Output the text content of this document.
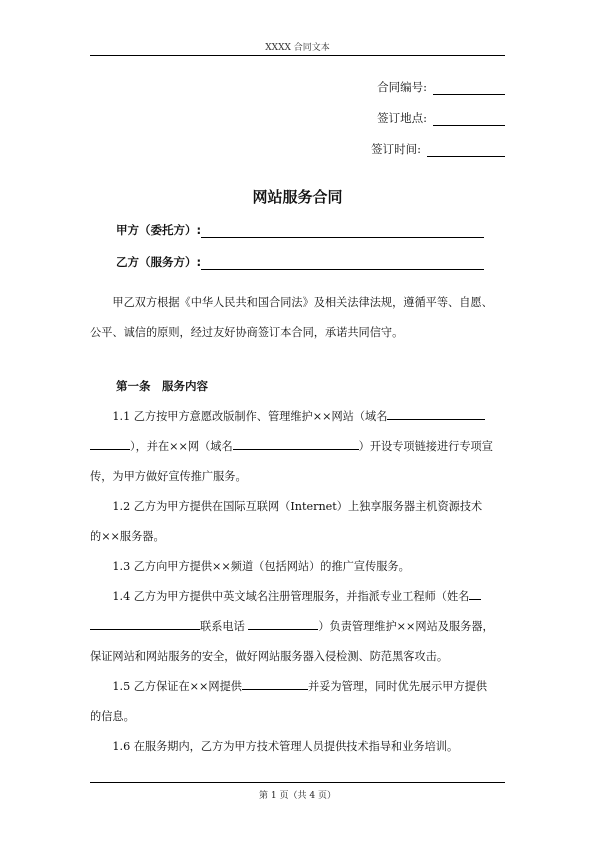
XXXX 合同文本
合同编号:
签订地点:
签订时间:
网站服务合同
甲方（委托方）:
乙方（服务方）:

甲乙双方根据《中华人民共和国合同法》及相关法律法规，遵循平等、自愿、

公平、诚信的原则，经过友好协商签订本合同，承诺共同信守。

第一条　服务内容

1.1 乙方按甲方意愿改版制作、管理维护××网站（域名
），并在××网（域名	）开设专项链接进行专项宣
传，为甲方做好宣传推广服务。

1.2 乙方为甲方提供在国际互联网（Internet）上独享服务器主机资源技术
的××服务器。

1.3 乙方向甲方提供××频道（包括网站）的推广宣传服务。

1.4 乙方为甲方提供中英文域名注册管理服务，并指派专业工程师（姓名
联系电话	）负责管理维护××网站及服务器，
保证网站和网站服务的安全，做好网站服务器入侵检测、防范黑客攻击。

1.5 乙方保证在××网提供	并妥为管理，同时优先展示甲方提供
的信息。

1.6 在服务期内，乙方为甲方技术管理人员提供技术指导和业务培训。

第 1 页（共 4 页）
